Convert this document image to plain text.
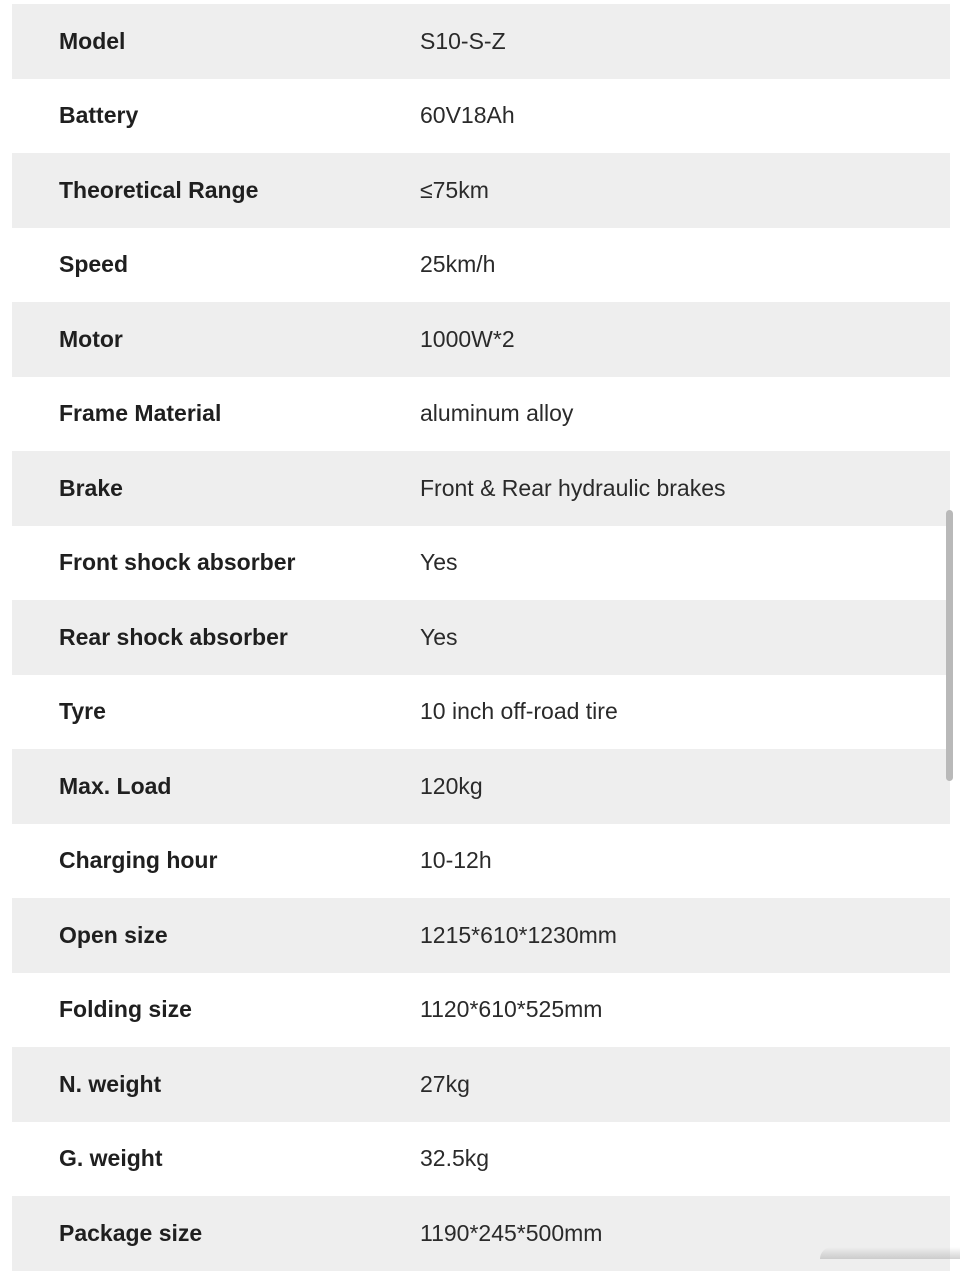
Model	S10-S-Z
Battery	60V18Ah
Theoretical Range	≤75km
Speed	25km/h
Motor	1000W*2
Frame Material	aluminum alloy
Brake	Front & Rear hydraulic brakes
Front shock absorber	Yes
Rear shock absorber	Yes
Tyre	10 inch off-road tire
Max. Load	120kg
Charging hour	10-12h
Open size	1215*610*1230mm
Folding size	1120*610*525mm
N. weight	27kg
G. weight	32.5kg
Package size	1190*245*500mm
